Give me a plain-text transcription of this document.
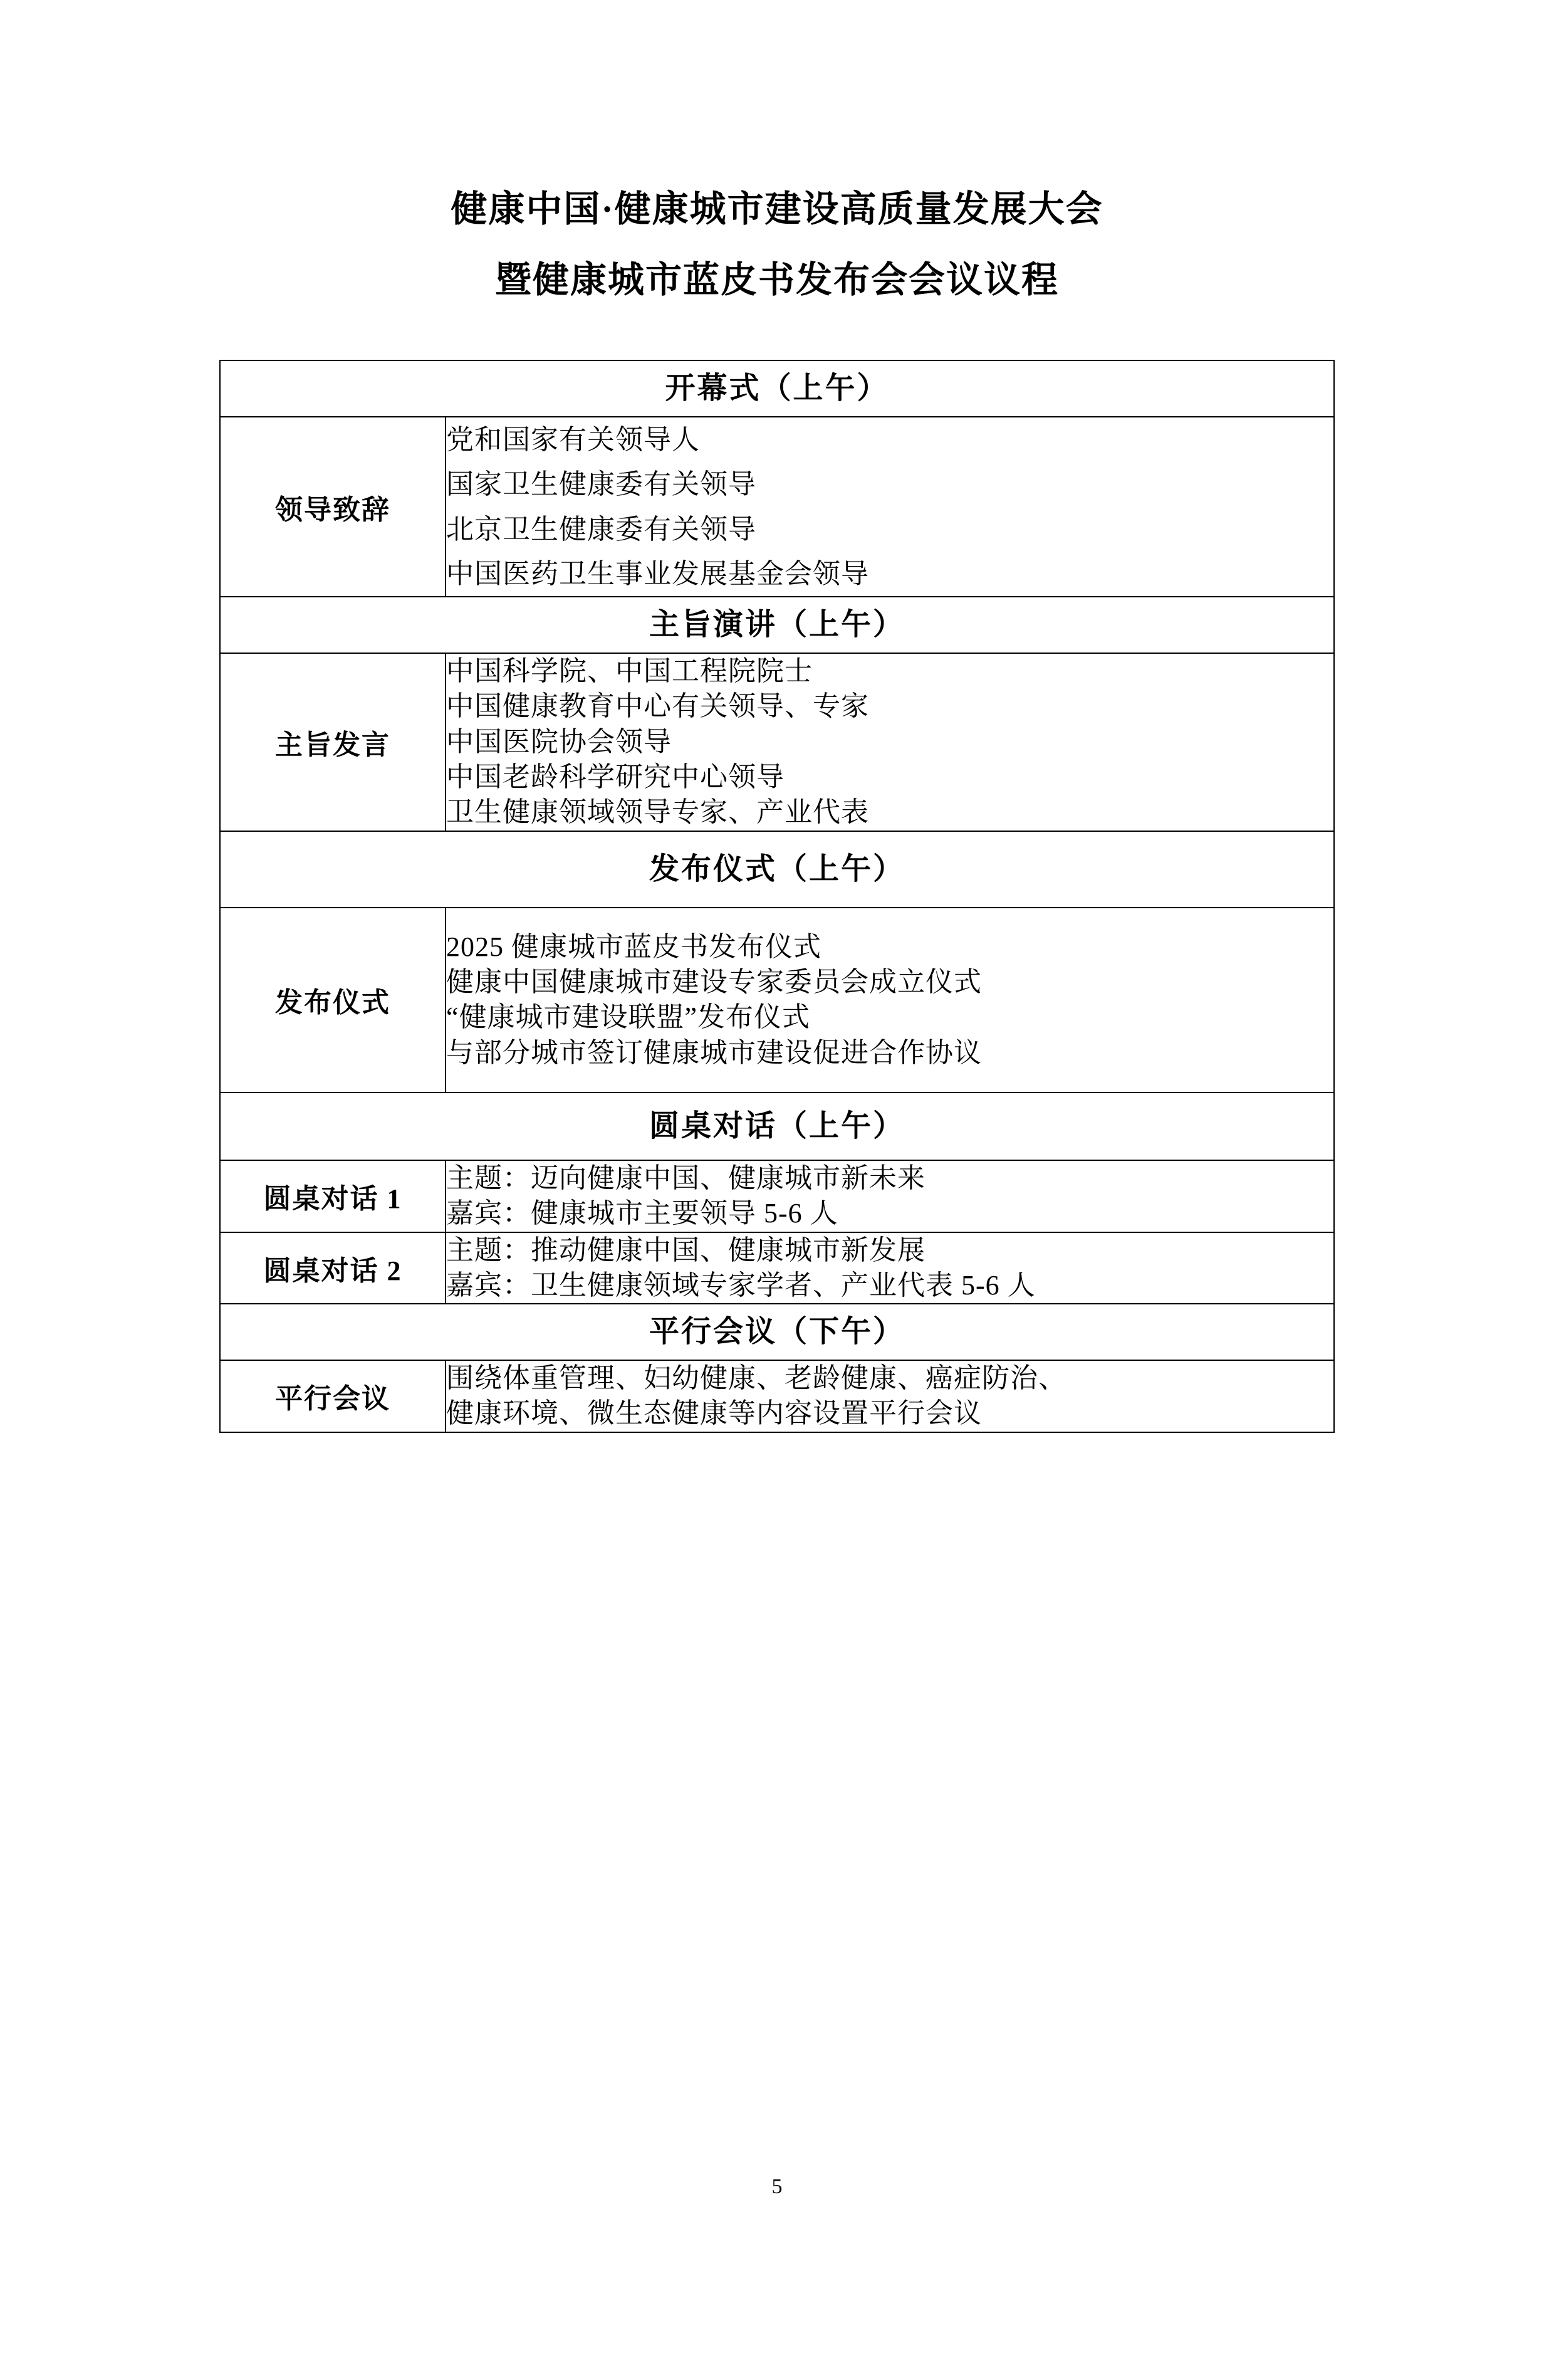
健康中国·健康城市建设高质量发展大会
暨健康城市蓝皮书发布会会议议程
开幕式（上午）	
领导致辞	党和国家有关领导人
国家卫生健康委有关领导
北京卫生健康委有关领导
中国医药卫生事业发展基金会领导

主旨演讲（上午）	
主旨发言	中国科学院、中国工程院院士
中国健康教育中心有关领导、专家
中国医院协会领导
中国老龄科学研究中心领导
卫生健康领域领导专家、产业代表

发布仪式（上午）	
发布仪式	2025 健康城市蓝皮书发布仪式
健康中国健康城市建设专家委员会成立仪式
“健康城市建设联盟”发布仪式
与部分城市签订健康城市建设促进合作协议

圆桌对话（上午）	
圆桌对话 1	主题：迈向健康中国、健康城市新未来
嘉宾：健康城市主要领导 5-6 人

圆桌对话 2	主题：推动健康中国、健康城市新发展
嘉宾：卫生健康领域专家学者、产业代表 5-6 人

平行会议（下午）	
平行会议	围绕体重管理、妇幼健康、老龄健康、癌症防治、
健康环境、微生态健康等内容设置平行会议
5
